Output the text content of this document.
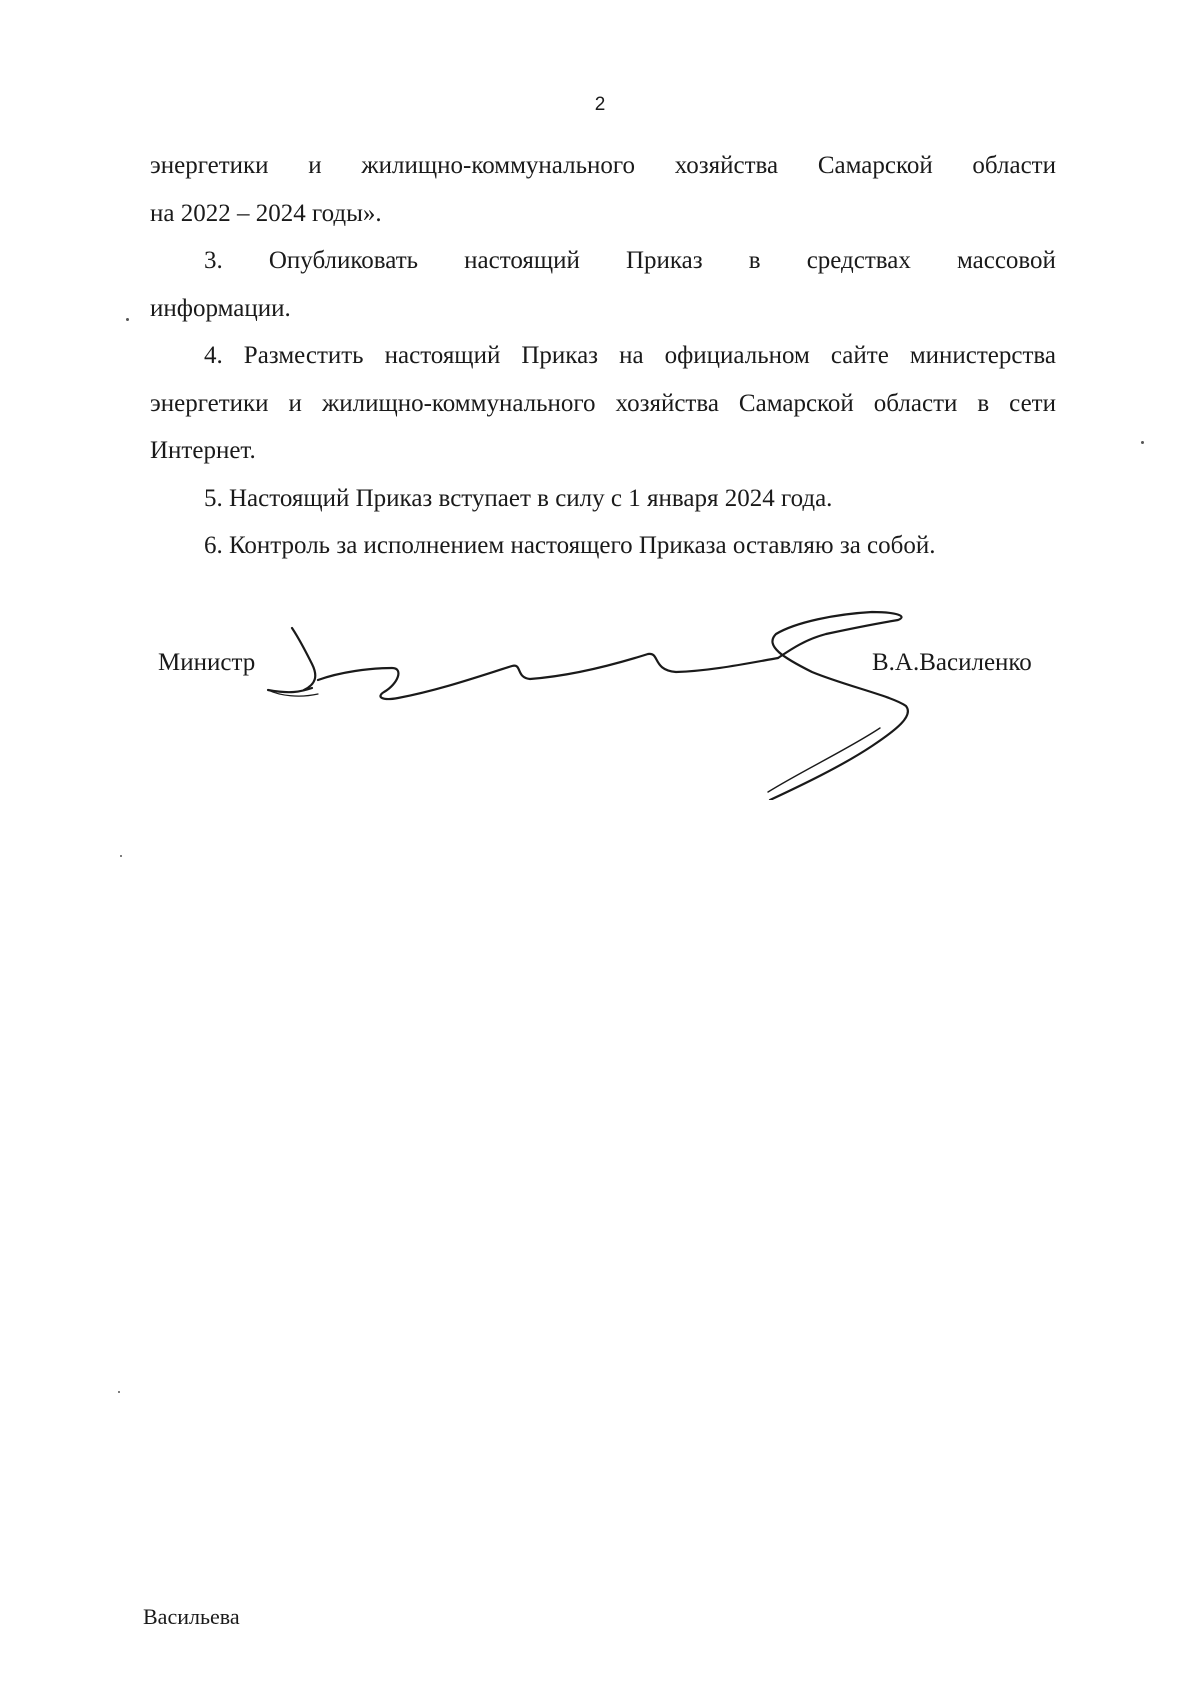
2

энергетики и жилищно-коммунального хозяйства Самарской области

на 2022 – 2024 годы».

3. Опубликовать настоящий Приказ в средствах массовой

информации.

4. Разместить настоящий Приказ на официальном сайте министерства энергетики и жилищно-коммунального хозяйства Самарской области в сети Интернет.

5. Настоящий Приказ вступает в силу с 1 января 2024 года.

6. Контроль за исполнением настоящего Приказа оставляю за собой.

Министр	В.А.Василенко
Васильева
